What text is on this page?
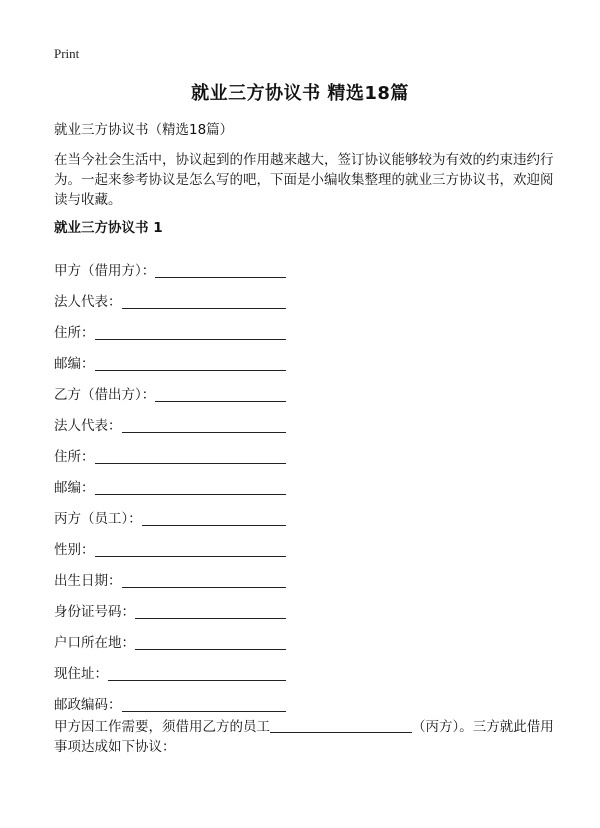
Print
就业三方协议书 精选18篇
就业三方协议书（精选18篇）

在当今社会生活中，协议起到的作用越来越大，签订协议能够较为有效的约束违约行为。一起来参考协议是怎么写的吧，下面是小编收集整理的就业三方协议书，欢迎阅读与收藏。

就业三方协议书 1
甲方（借用方）：
法人代表：
住所：
邮编：
乙方（借出方）：
法人代表：
住所：
邮编：
丙方（员工）：
性别：
出生日期：
身份证号码：
户口所在地：
现住址：
邮政编码：

甲方因工作需要，须借用乙方的员工	（丙方）。三方就此借用事项达成如下协议：
